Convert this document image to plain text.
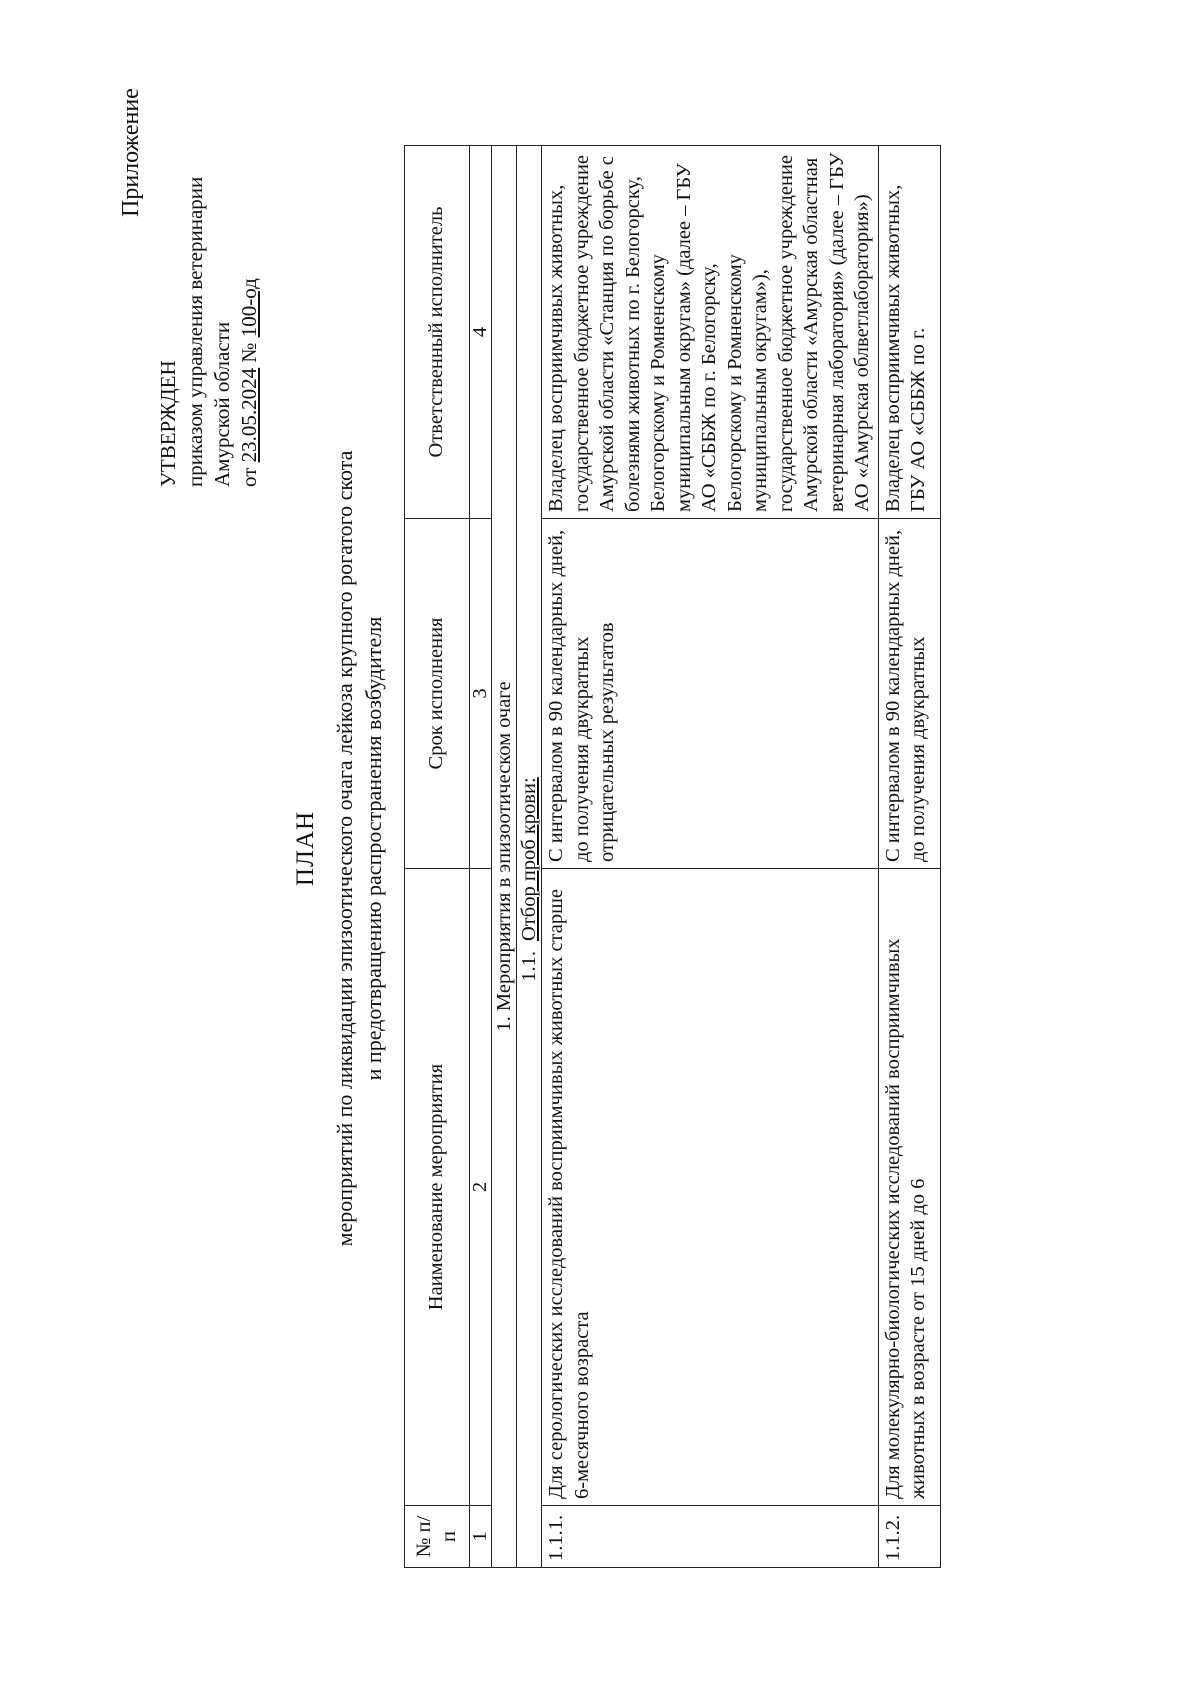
Приложение
УТВЕРЖДЕН приказом управления ветеринарии Амурской области от 23.05.2024 № 100-од
ПЛАН мероприятий по ликвидации эпизоотического очага лейкоза крупного рогатого скота и предотвращению распространения возбудителя
№ п/п	Наименование мероприятия	Срок исполнения	Ответственный исполнитель
1	2	3	4
1. Мероприятия в эпизоотическом очаге			
1.1.Отбор проб крови:			
1.1.1.	Для серологических исследований восприимчивых животных старше 6-месячного возраста	С интервалом в 90 календарных дней, до получения двукратных отрицательных результатов	Владелец восприимчивых животных, государственное бюджетное учреждение Амурской области «Станция по борьбе с болезнями животных по г. Белогорску, Белогорскому и Ромненскому муниципальным округам» (далее – ГБУ АО «СББЖ по г. Белогорску, Белогорскому и Ромненскому муниципальным округам»), государственное бюджетное учреждение Амурской области «Амурская областная ветеринарная лаборатория» (далее – ГБУ АО «Амурская облветлаборатория»)
1.1.2.	Для молекулярно-биологических исследований восприимчивых животных в возрасте от 15 дней до 6	С интервалом в 90 календарных дней, до получения двукратных	Владелец восприимчивых животных, ГБУ АО «СББЖ по г.
